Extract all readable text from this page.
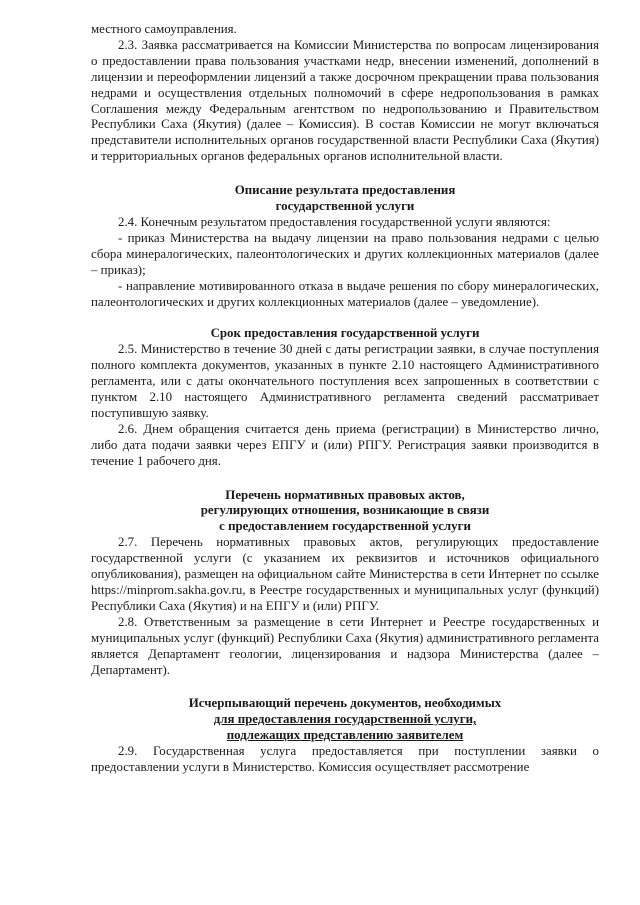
местного самоуправления.

2.3. Заявка рассматривается на Комиссии Министерства по вопросам лицензирования о предоставлении права пользования участками недр, внесении изменений, дополнений в лицензии и переоформлении лицензий а также досрочном прекращении права пользования недрами и осуществления отдельных полномочий в сфере недропользования в рамках Соглашения между Федеральным агентством по недропользованию и Правительством Республики Саха (Якутия) (далее – Комиссия). В состав Комиссии не могут включаться представители исполнительных органов государственной власти Республики Саха (Якутия) и территориальных органов федеральных органов исполнительной власти.

Описание результата предоставления
государственной услуги

2.4. Конечным результатом предоставления государственной услуги являются:

- приказ Министерства на выдачу лицензии на право пользования недрами с целью сбора минералогических, палеонтологических и других коллекционных материалов (далее – приказ);

- направление мотивированного отказа в выдаче решения по сбору минералогических, палеонтологических и других коллекционных материалов (далее – уведомление).

Срок предоставления государственной услуги

2.5. Министерство в течение 30 дней с даты регистрации заявки, в случае поступления полного комплекта документов, указанных в пункте 2.10 настоящего Административного регламента, или с даты окончательного поступления всех запрошенных в соответствии с пунктом 2.10 настоящего Административного регламента сведений рассматривает поступившую заявку.

2.6. Днем обращения считается день приема (регистрации) в Министерство лично, либо дата подачи заявки через ЕПГУ и (или) РПГУ. Регистрация заявки производится в течение 1 рабочего дня.

Перечень нормативных правовых актов,
регулирующих отношения, возникающие в связи
с предоставлением государственной услуги

2.7. Перечень нормативных правовых актов, регулирующих предоставление государственной услуги (с указанием их реквизитов и источников официального опубликования), размещен на официальном сайте Министерства в сети Интернет по ссылке https://minprom.sakha.gov.ru, в Реестре государственных и муниципальных услуг (функций) Республики Саха (Якутия) и на ЕПГУ и (или) РПГУ.

2.8. Ответственным за размещение в сети Интернет и Реестре государственных и муниципальных услуг (функций) Республики Саха (Якутия) административного регламента является Департамент геологии, лицензирования и надзора Министерства (далее – Департамент).

Исчерпывающий перечень документов, необходимых
для предоставления государственной услуги,
подлежащих представлению заявителем

2.9. Государственная услуга предоставляется при поступлении заявки о предоставлении услуги в Министерство. Комиссия осуществляет рассмотрение
